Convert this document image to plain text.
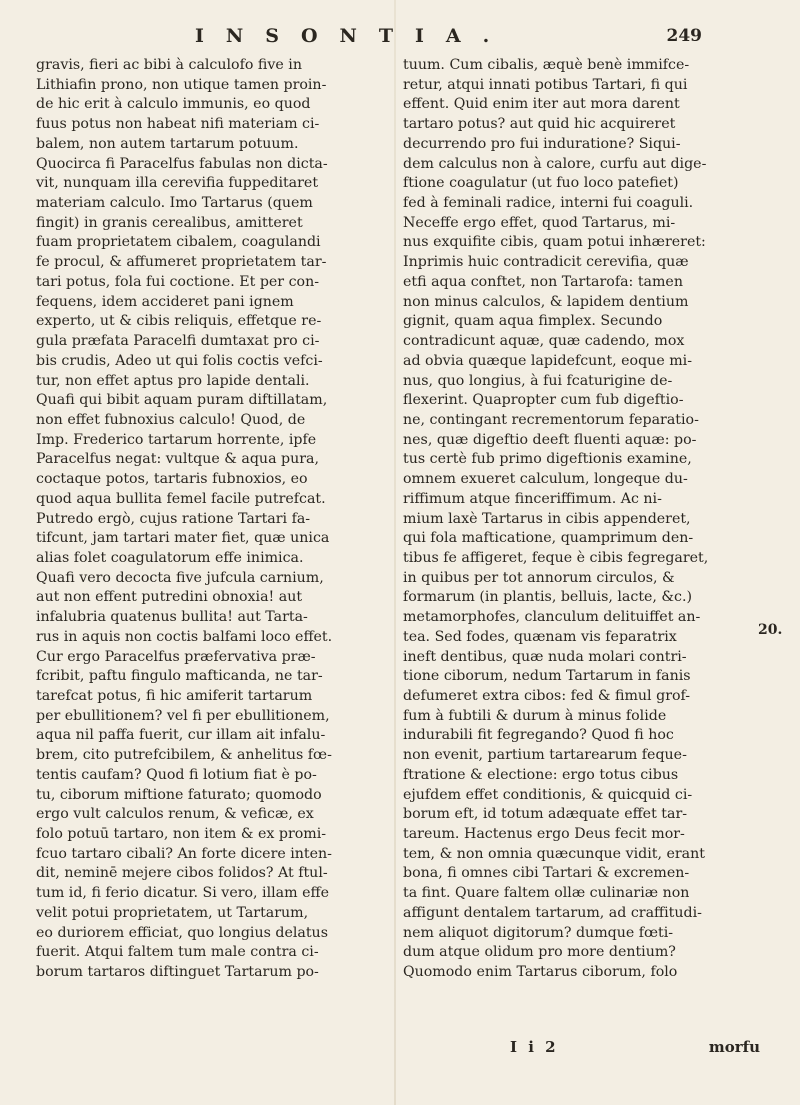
INSONTIA.	249
gravis, fieri ac bibi à calculofo five in
Lithiafin prono, non utique tamen proin-
de hic erit à calculo immunis, eo quod
fuus potus non habeat nifi materiam ci-
balem, non autem tartarum potuum.
Quocirca fi Paracelfus fabulas non dicta-
vit, nunquam illa cerevifia fuppeditaret
materiam calculo. Imo Tartarus (quem
fingit) in granis cerealibus, amitteret
fuam proprietatem cibalem, coagulandi
fe procul, & affumeret proprietatem tar-
tari potus, fola fui coctione. Et per con-
fequens, idem accideret pani ignem
experto, ut & cibis reliquis, effetque re-
gula præfata Paracelfi dumtaxat pro ci-
bis crudis, Adeo ut qui folis coctis vefci-
tur, non effet aptus pro lapide dentali.
Quafi qui bibit aquam puram diftillatam,
non effet fubnoxius calculo! Quod, de
Imp. Frederico tartarum horrente, ipfe
Paracelfus negat: vultque & aqua pura,
coctaque potos, tartaris fubnoxios, eo
quod aqua bullita femel facile putrefcat.
Putredo ergò, cujus ratione Tartari fa-
tifcunt, jam tartari mater fiet, quæ unica
alias folet coagulatorum effe inimica.
Quafi vero decocta five jufcula carnium,
aut non effent putredini obnoxia! aut
infalubria quatenus bullita! aut Tarta-
rus in aquis non coctis balfami loco effet.
Cur ergo Paracelfus præfervativa præ-
fcribit, paftu fingulo mafticanda, ne tar-
tarefcat potus, fi hic amiferit tartarum
per ebullitionem? vel fi per ebullitionem,
aqua nil paffa fuerit, cur illam ait infalu-
brem, cito putrefcibilem, & anhelitus fœ-
tentis caufam? Quod fi lotium fiat è po-
tu, ciborum miftione faturato; quomodo
ergo vult calculos renum, & veficæ, ex
folo potuū tartaro, non item & ex promi-
fcuo tartaro cibali? An forte dicere inten-
dit, neminē mejere cibos folidos? At ftul-
tum id, fi ferio dicatur. Si vero, illam effe
velit potui proprietatem, ut Tartarum,
eo duriorem efficiat, quo longius delatus
fuerit. Atqui faltem tum male contra ci-
borum tartaros diftinguet Tartarum po-
tuum. Cum cibalis, æquè benè immifce-
retur, atqui innati potibus Tartari, fi qui
effent. Quid enim iter aut mora darent
tartaro potus? aut quid hic acquireret
decurrendo pro fui induratione? Siqui-
dem calculus non à calore, curfu aut dige-
ftione coagulatur (ut fuo loco patefiet)
fed à feminali radice, interni fui coaguli.
Neceffe ergo effet, quod Tartarus, mi-
nus exquifite cibis, quam potui inhæreret:
Inprimis huic contradicit cerevifia, quæ
etfi aqua conftet, non Tartarofa: tamen
non minus calculos, & lapidem dentium
gignit, quam aqua fimplex. Secundo
contradicunt aquæ, quæ cadendo, mox
ad obvia quæque lapidefcunt, eoque mi-
nus, quo longius, à fui fcaturigine de-
flexerint. Quapropter cum fub digeftio-
ne, contingant recrementorum feparatio-
nes, quæ digeftio deeft fluenti aquæ: po-
tus certè fub primo digeftionis examine,
omnem exueret calculum, longeque du-
riffimum atque finceriffimum. Ac ni-
mium laxè Tartarus in cibis appenderet,
qui fola mafticatione, quamprimum den-
tibus fe affigeret, feque è cibis fegregaret,
in quibus per tot annorum circulos, &
formarum (in plantis, belluis, lacte, &c.)
metamorphofes, clanculum delituiffet an-
tea. Sed fodes, quænam vis feparatrix
ineft dentibus, quæ nuda molari contri-
tione ciborum, nedum Tartarum in fanis
defumeret extra cibos: fed & fimul grof-
fum à fubtili & durum à minus folide
indurabili fit fegregando? Quod fi hoc
non evenit, partium tartarearum feque-
ftratione & electione: ergo totus cibus
ejufdem effet conditionis, & quicquid ci-
borum eft, id totum adæquate effet tar-
tareum. Hactenus ergo Deus fecit mor-
tem, & non omnia quæcunque vidit, erant
bona, fi omnes cibi Tartari & excremen-
ta fint. Quare faltem ollæ culinariæ non
affigunt dentalem tartarum, ad craffitudi-
nem aliquot digitorum? dumque fœti-
dum atque olidum pro more dentium?
Quomodo enim Tartarus ciborum, folo
20.
I i 2	morfu
